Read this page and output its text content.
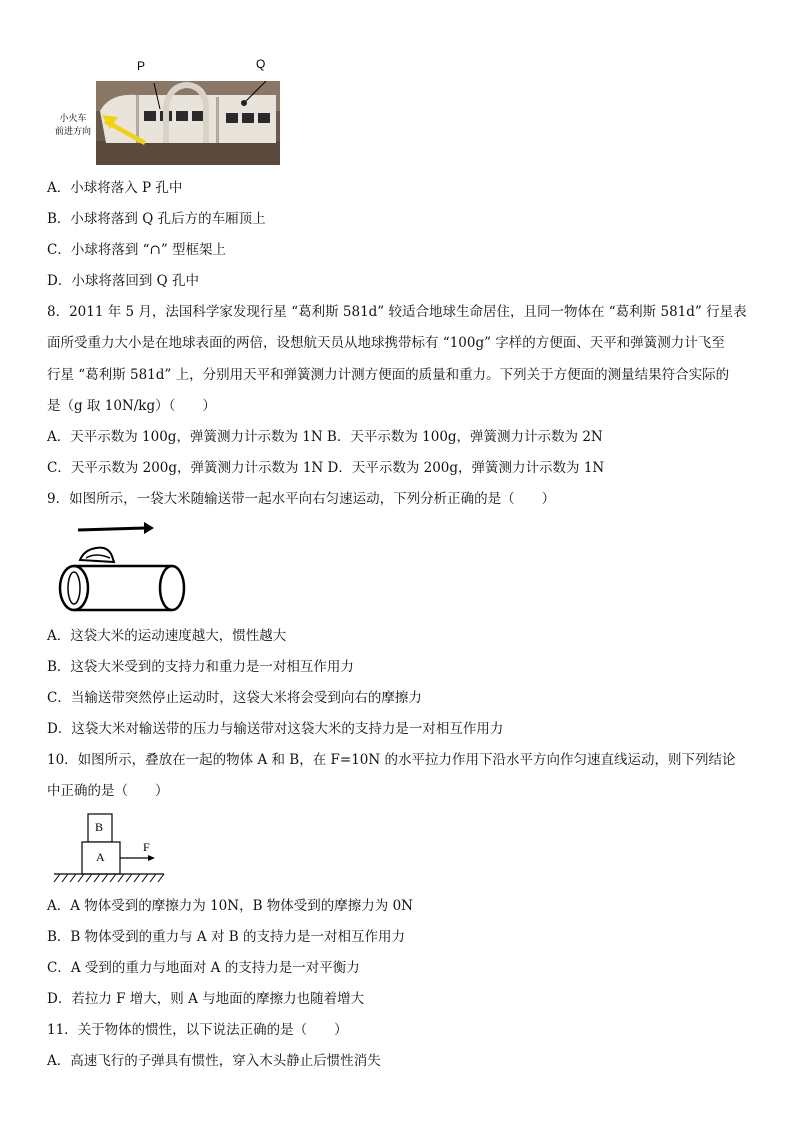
P	Q
小火车
前进方向
A．小球将落入 P 孔中
B．小球将落到 Q 孔后方的车厢顶上
C．小球将落到 “∩” 型框架上
D．小球将落回到 Q 孔中
8．2011 年 5 月，法国科学家发现行星 “葛利斯 581d” 较适合地球生命居住，且同一物体在 “葛利斯 581d” 行星表
面所受重力大小是在地球表面的两倍，设想航天员从地球携带标有 “100g” 字样的方便面、天平和弹簧测力计飞至
行星 “葛利斯 581d” 上，分别用天平和弹簧测力计测方便面的质量和重力。下列关于方便面的测量结果符合实际的
是（g 取 10N/kg）（　　）
A．天平示数为 100g，弹簧测力计示数为 1N B．天平示数为 100g，弹簧测力计示数为 2N
C．天平示数为 200g，弹簧测力计示数为 1N D．天平示数为 200g，弹簧测力计示数为 1N
9．如图所示，一袋大米随输送带一起水平向右匀速运动，下列分析正确的是（　　）
A．这袋大米的运动速度越大，惯性越大
B．这袋大米受到的支持力和重力是一对相互作用力
C．当输送带突然停止运动时，这袋大米将会受到向右的摩擦力
D．这袋大米对输送带的压力与输送带对这袋大米的支持力是一对相互作用力
10．如图所示，叠放在一起的物体 A 和 B，在 F=10N 的水平拉力作用下沿水平方向作匀速直线运动，则下列结论
中正确的是（　　）
B
A
F
A．A 物体受到的摩擦力为 10N，B 物体受到的摩擦力为 0N
B．B 物体受到的重力与 A 对 B 的支持力是一对相互作用力
C．A 受到的重力与地面对 A 的支持力是一对平衡力
D．若拉力 F 增大，则 A 与地面的摩擦力也随着增大
11．关于物体的惯性，以下说法正确的是（　　）
A．高速飞行的子弹具有惯性，穿入木头静止后惯性消失
